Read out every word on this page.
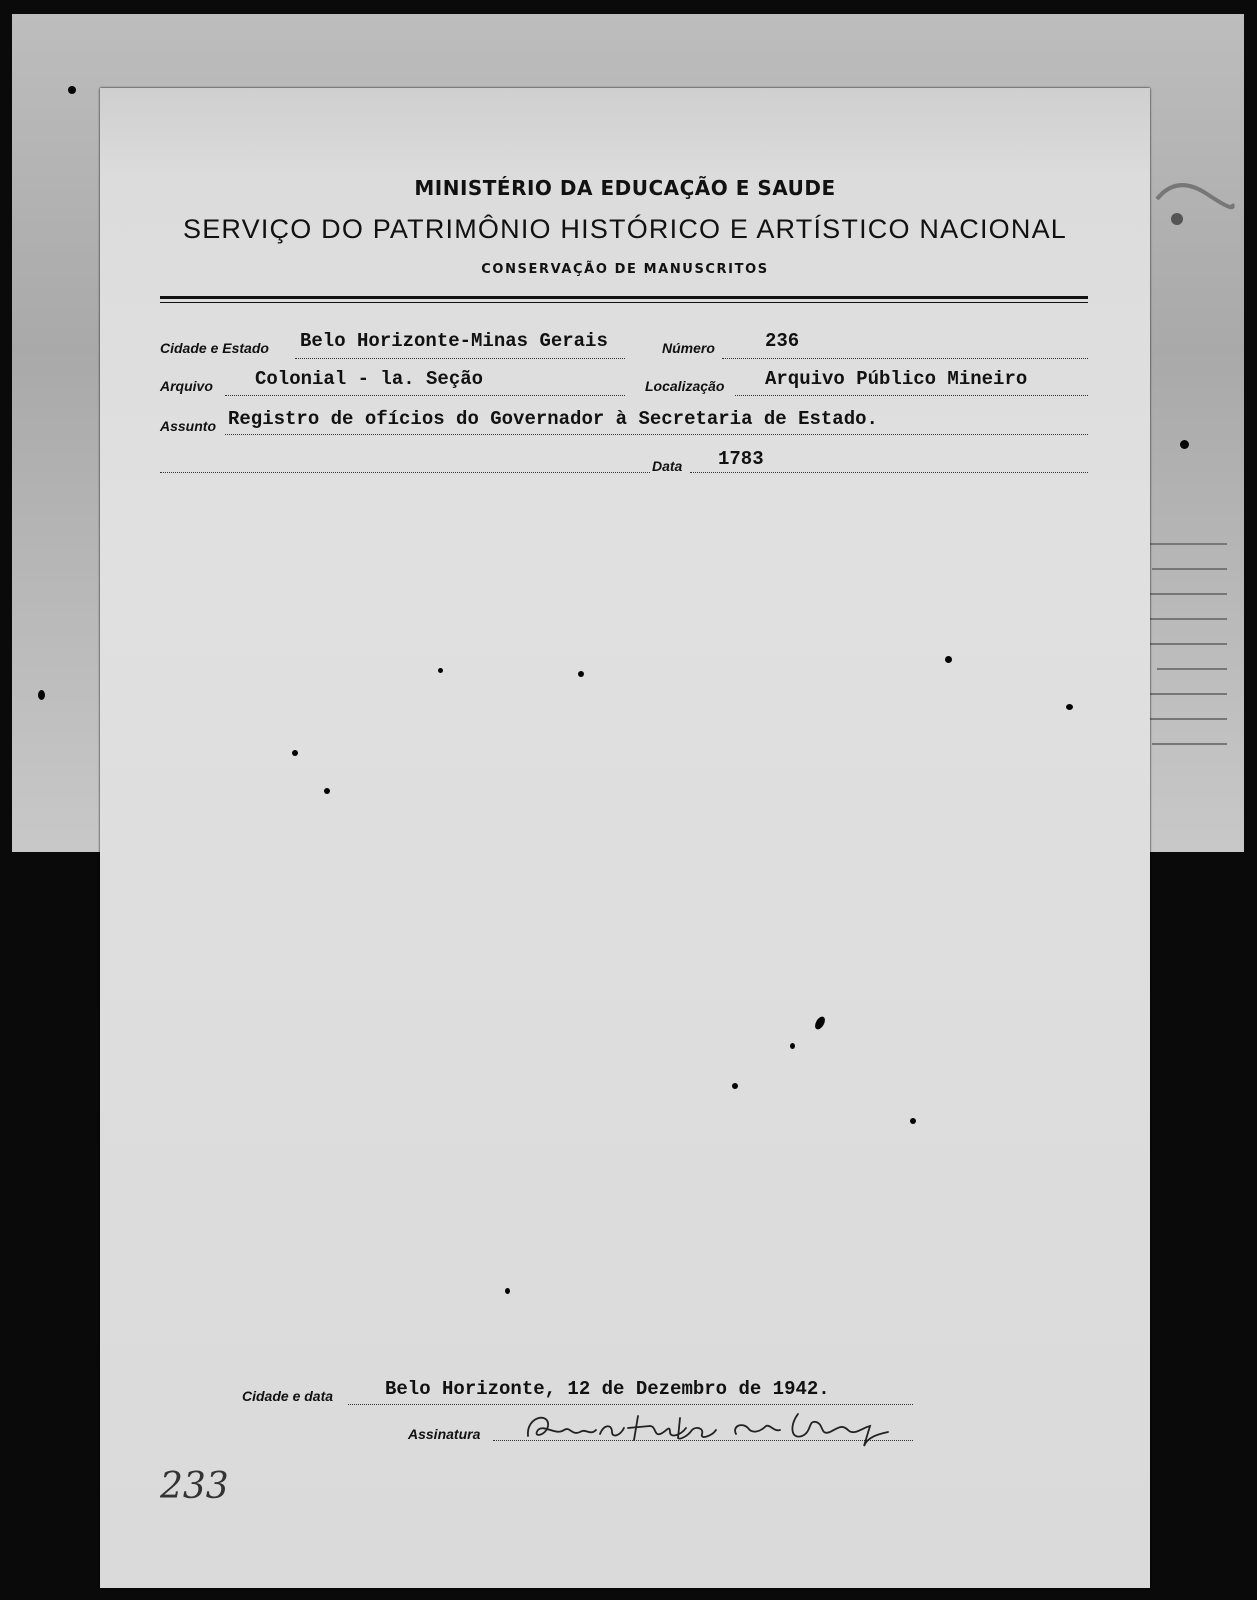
MINISTÉRIO DA EDUCAÇÃO E SAUDE
SERVIÇO DO PATRIMÔNIO HISTÓRICO E ARTÍSTICO NACIONAL
CONSERVAÇÃO DE MANUSCRITOS
Cidade e Estado Belo Horizonte-Minas Gerais	Número	236
Arquivo Colonial - la. Seção	Localização Arquivo Público Mineiro
Assunto Registro de ofícios do Governador à Secretaria de Estado.
Data 1783
Cidade e data	Belo Horizonte, 12 de Dezembro de 1942.
Assinatura
233
